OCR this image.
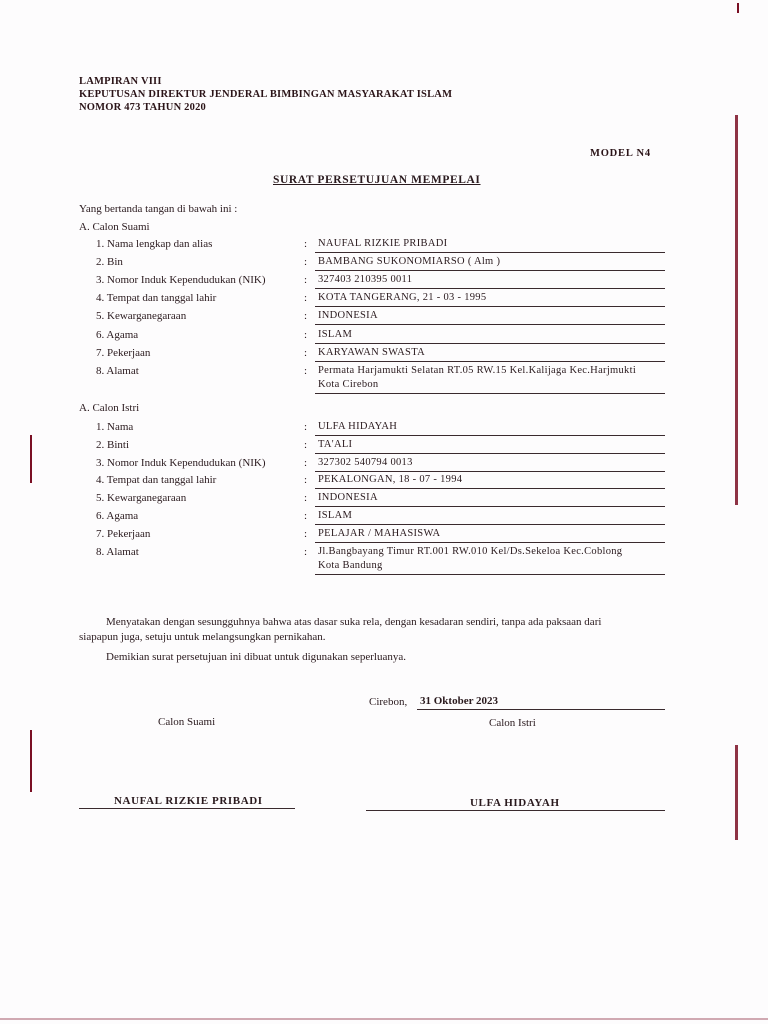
LAMPIRAN VIII
KEPUTUSAN DIREKTUR JENDERAL BIMBINGAN MASYARAKAT ISLAM
NOMOR 473 TAHUN 2020
MODEL N4
SURAT PERSETUJUAN MEMPELAI
Yang bertanda tangan di bawah ini :
A. Calon Suami
1. Nama lengkap dan alias	: NAUFAL RIZKIE PRIBADI
2. Bin	: BAMBANG SUKONOMIARSO ( Alm )
3. Nomor Induk Kependudukan (NIK)	: 327403 210395 0011
4. Tempat dan tanggal lahir	: KOTA TANGERANG, 21 - 03 - 1995
5. Kewarganegaraan	: INDONESIA
6. Agama	: ISLAM
7. Pekerjaan	: KARYAWAN SWASTA
8. Alamat	: Permata Harjamukti Selatan RT.05 RW.15 Kel.Kalijaga Kec.Harjmukti
Kota Cirebon
A. Calon Istri
1. Nama	: ULFA HIDAYAH
2. Binti	: TA'ALI
3. Nomor Induk Kependudukan (NIK)	: 327302 540794 0013
4. Tempat dan tanggal lahir	: PEKALONGAN, 18 - 07 - 1994
5. Kewarganegaraan	: INDONESIA
6. Agama	: ISLAM
7. Pekerjaan	: PELAJAR / MAHASISWA
8. Alamat	: Jl.Bangbayang Timur RT.001 RW.010 Kel/Ds.Sekeloa Kec.Coblong
Kota Bandung
Menyatakan dengan sesungguhnya bahwa atas dasar suka rela, dengan kesadaran sendiri, tanpa ada paksaan dari
siapapun juga, setuju untuk melangsungkan pernikahan.
Demikian surat persetujuan ini dibuat untuk digunakan seperluanya.
Cirebon, 31 Oktober 2023
Calon Suami	Calon Istri
NAUFAL RIZKIE PRIBADI	ULFA HIDAYAH
